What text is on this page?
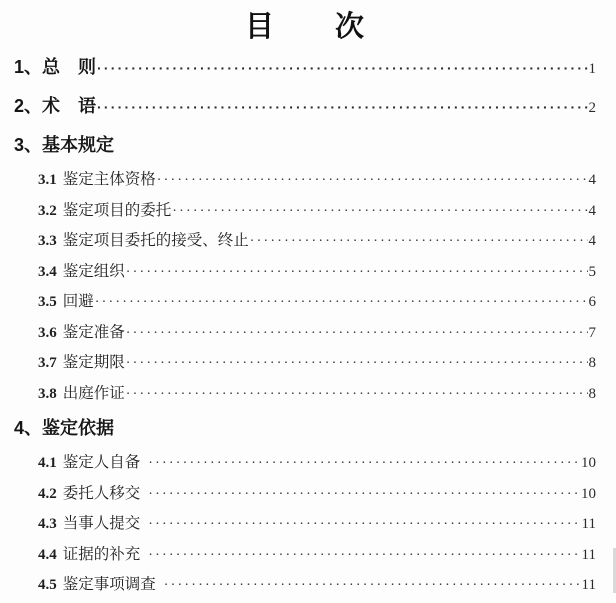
目　　次
1、 总　则 ·····	1
2、 术　语 ·····	2
3、 基本规定
3.1 鉴定主体资格 ·····	4
3.2 鉴定项目的委托 ·····	4
3.3 鉴定项目委托的接受、终止 ·····	4
3.4 鉴定组织 ·····	5
3.5 回避 ·····	6
3.6 鉴定准备 ·····	7
3.7 鉴定期限 ·····	8
3.8 出庭作证 ·····	8
4、 鉴定依据
4.1 鉴定人自备 ·····	10
4.2 委托人移交 ·····	10
4.3 当事人提交 ·····	11
4.4 证据的补充 ·····	11
4.5 鉴定事项调查 ·····	11
